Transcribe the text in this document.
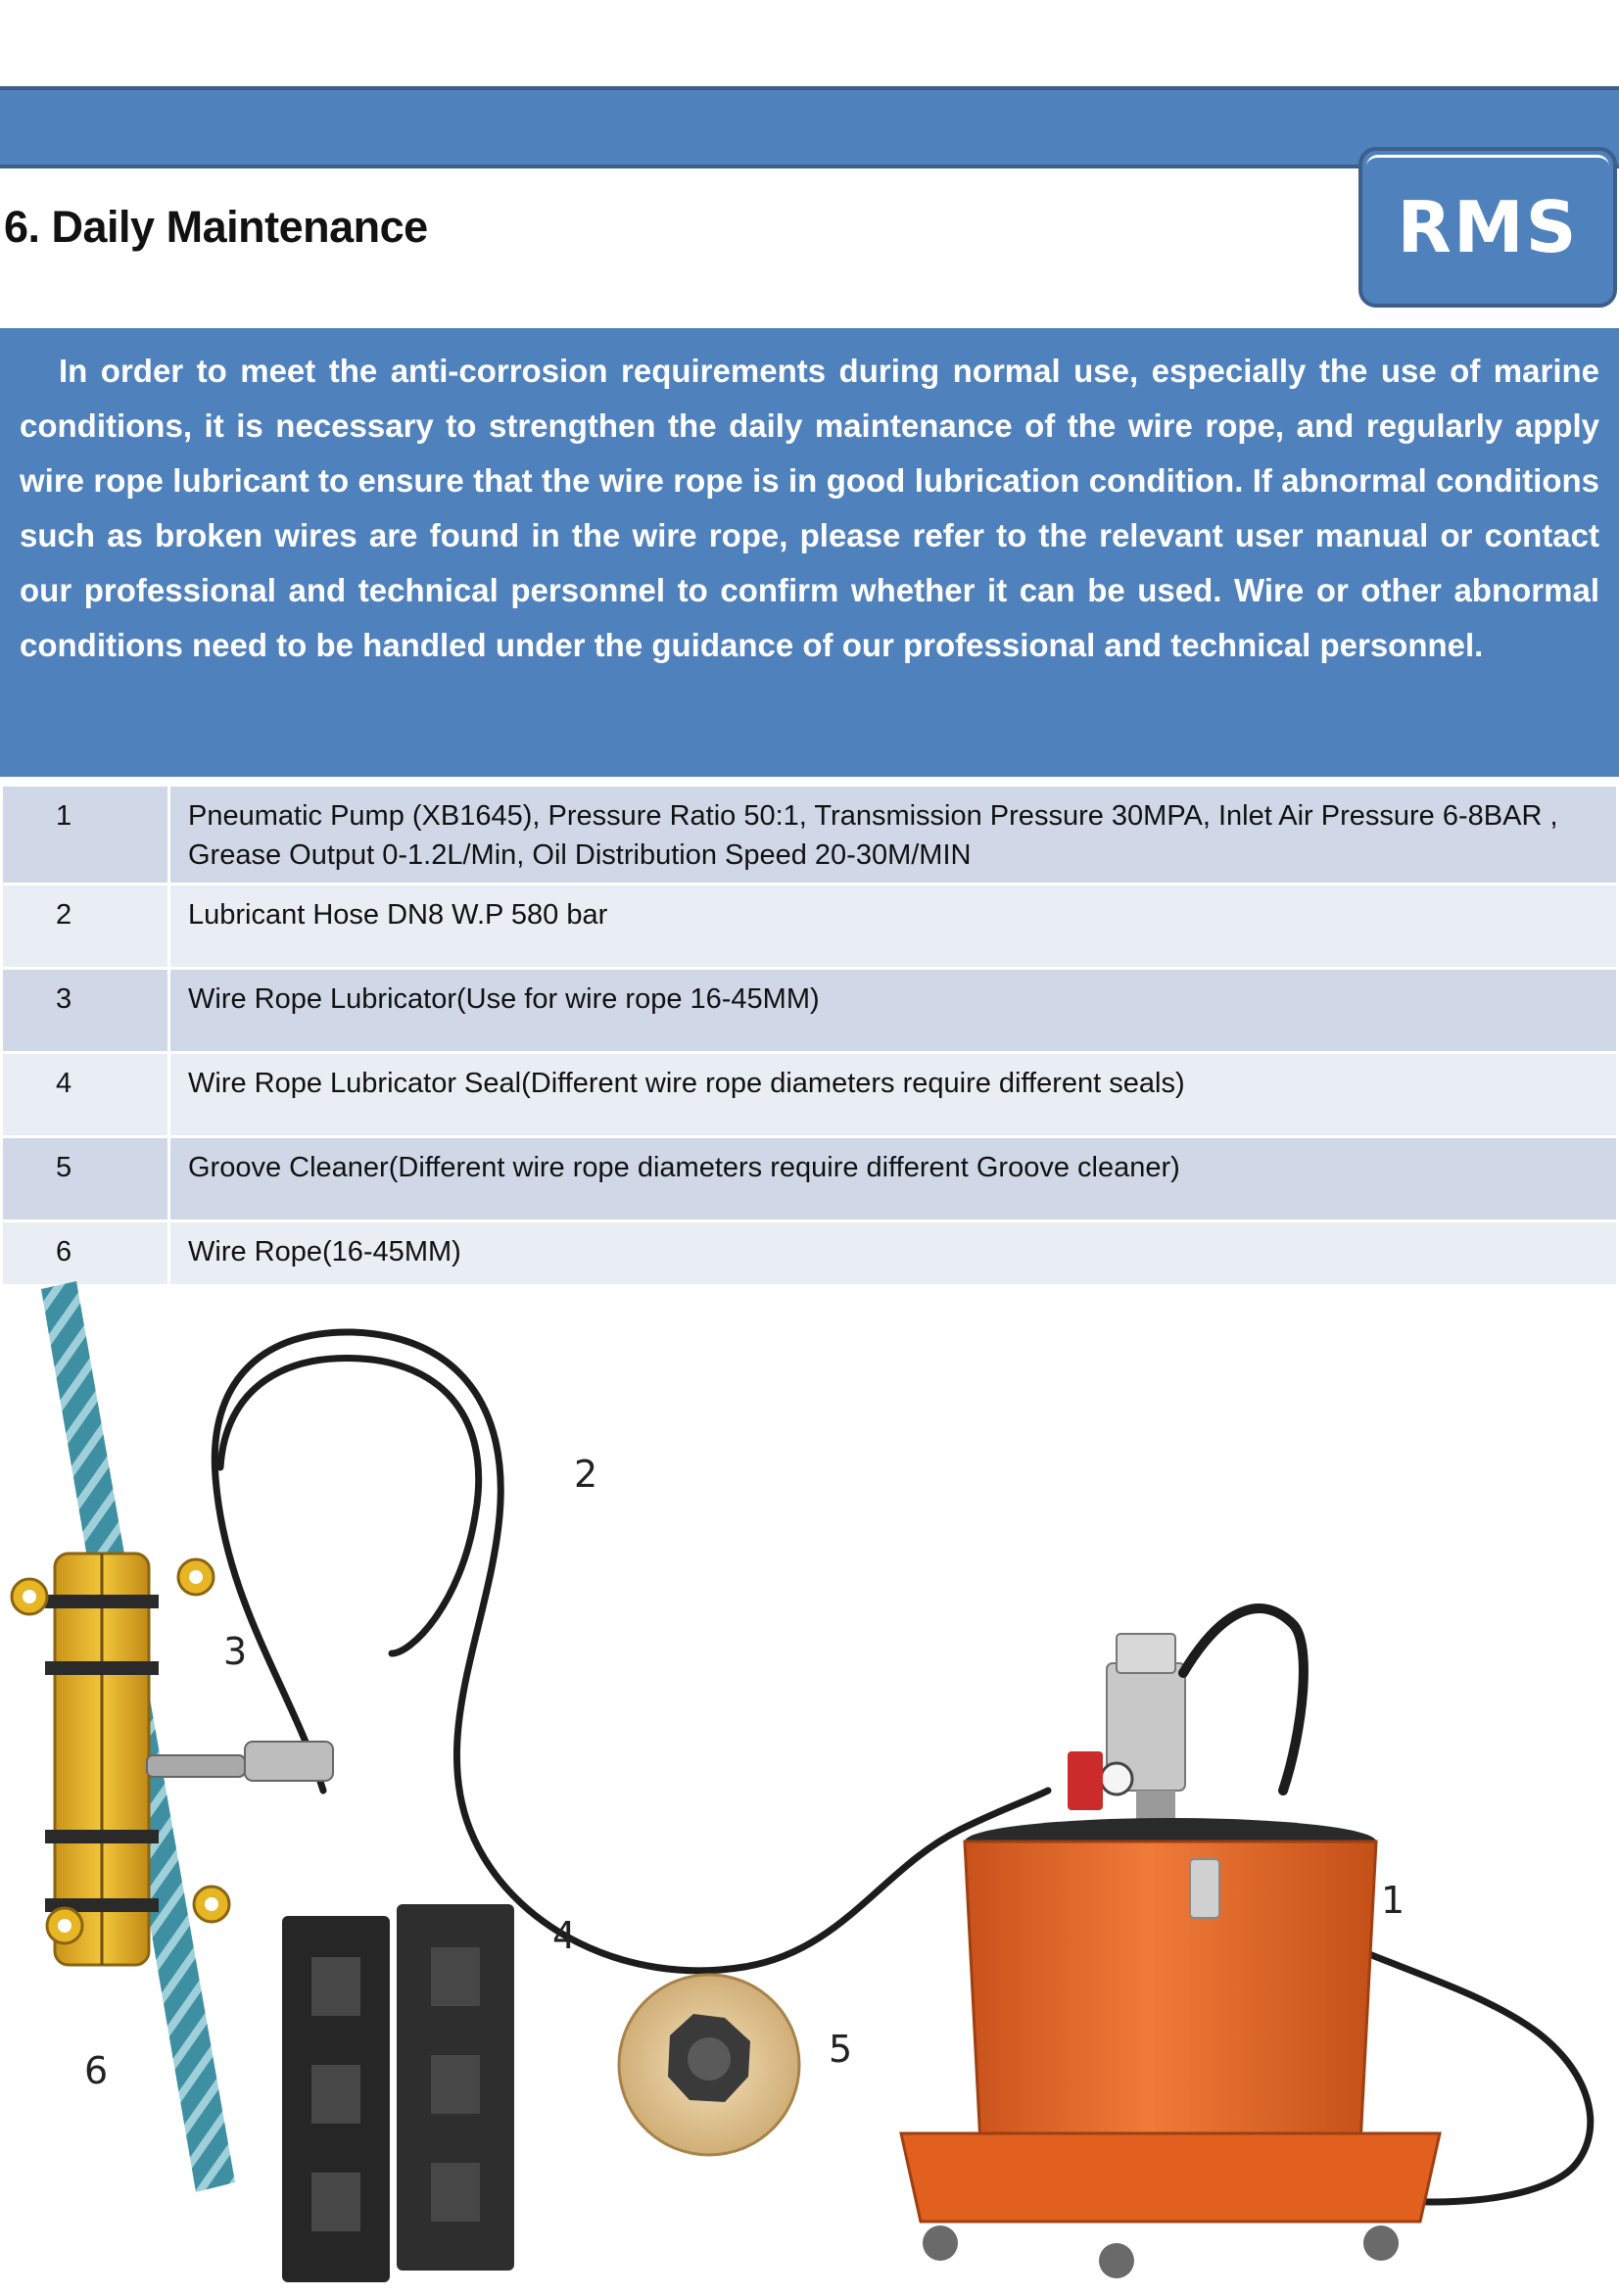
6. Daily Maintenance	RMS

In order to meet the anti-corrosion requirements during normal use, especially the use of marine conditions, it is necessary to strengthen the daily maintenance of the wire rope, and regularly apply wire rope lubricant to ensure that the wire rope is in good lubrication condition. If abnormal conditions such as broken wires are found in the wire rope, please refer to the relevant user manual or contact our professional and technical personnel to confirm whether it can be used. Wire or other abnormal conditions need to be handled under the guidance of our professional and technical personnel.

1	Pneumatic Pump (XB1645), Pressure Ratio 50:1, Transmission Pressure 30MPA, Inlet Air Pressure 6-8BAR , Grease Output 0-1.2L/Min, Oil Distribution Speed 20-30M/MIN
2	Lubricant Hose DN8 W.P 580 bar
3	Wire Rope Lubricator(Use for wire rope 16-45MM)
4	Wire Rope Lubricator Seal(Different wire rope diameters require different seals)
5	Groove Cleaner(Different wire rope diameters require different Groove cleaner)
6	Wire Rope(16-45MM)
2
3
1
4
5
6
